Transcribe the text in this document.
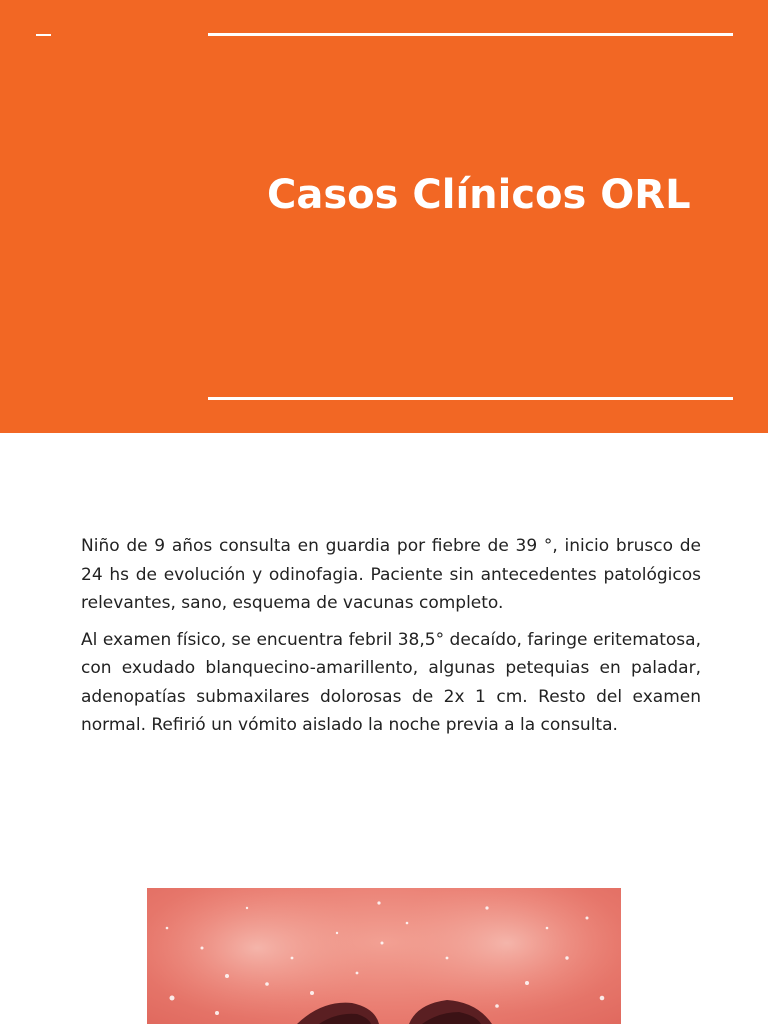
Casos Clínicos ORL

Niño de 9 años consulta en guardia por fiebre de 39 °, inicio brusco de 24 hs de evolución y odinofagia. Paciente sin antecedentes patológicos relevantes, sano, esquema de vacunas completo.

Al examen físico, se encuentra febril 38,5° decaído, faringe eritematosa, con exudado blanquecino-amarillento, algunas petequias en paladar, adenopatías submaxilares dolorosas de 2x 1 cm. Resto del examen normal. Refirió un vómito aislado la noche previa a la consulta.
